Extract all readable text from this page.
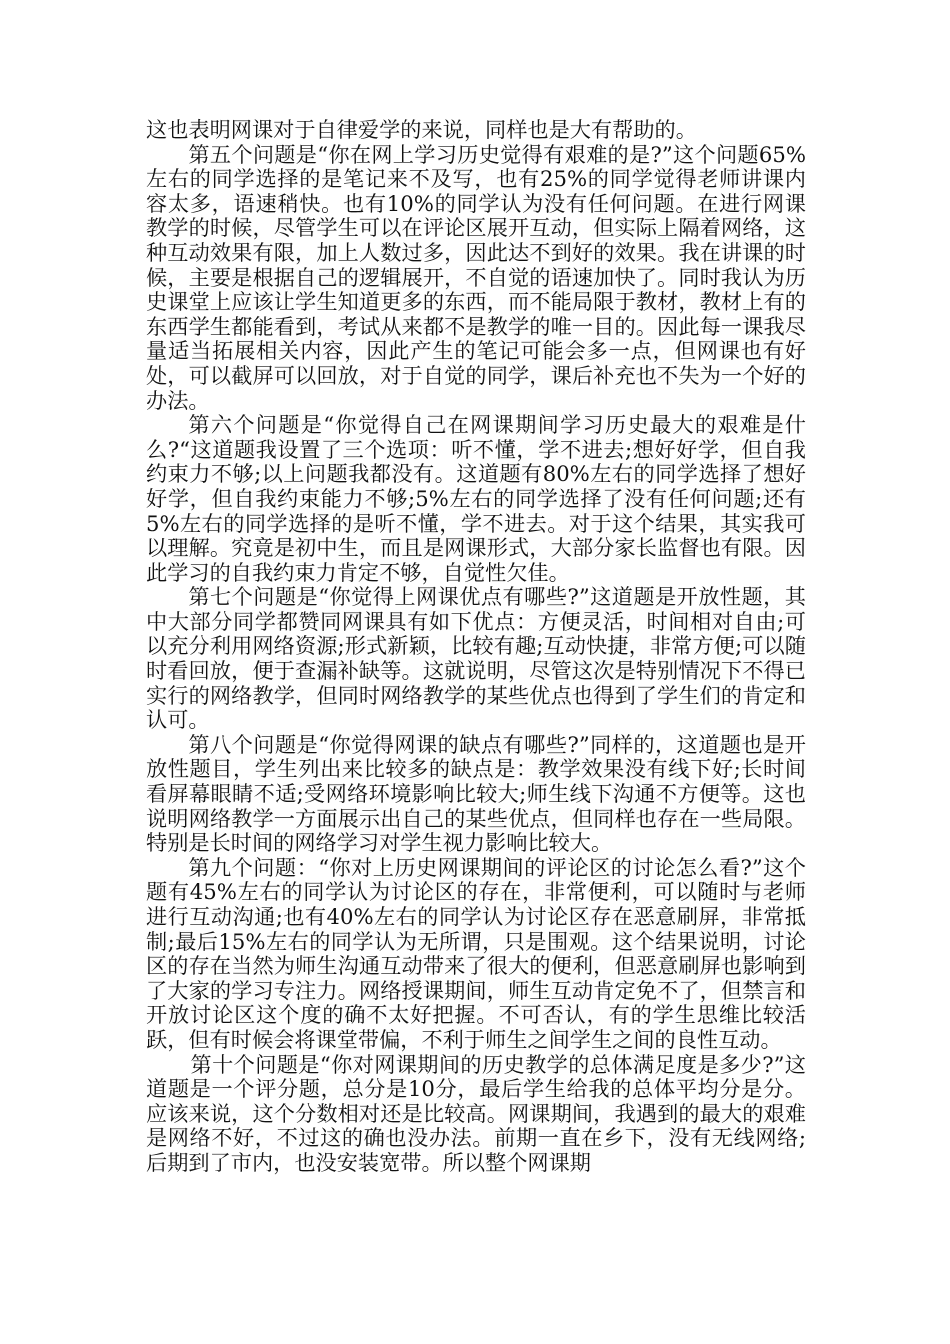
这也表明网课对于自律爱学的来说，同样也是大有帮助的。

第五个问题是“你在网上学习历史觉得有艰难的是?”这个问题65%左右的同学选择的是笔记来不及写，也有25%的同学觉得老师讲课内容太多，语速稍快。也有10%的同学认为没有任何问题。在进行网课教学的时候，尽管学生可以在评论区展开互动，但实际上隔着网络，这种互动效果有限，加上人数过多，因此达不到好的效果。我在讲课的时候，主要是根据自己的逻辑展开，不自觉的语速加快了。同时我认为历史课堂上应该让学生知道更多的东西，而不能局限于教材，教材上有的东西学生都能看到，考试从来都不是教学的唯一目的。因此每一课我尽量适当拓展相关内容，因此产生的笔记可能会多一点，但网课也有好处，可以截屏可以回放，对于自觉的同学，课后补充也不失为一个好的办法。

第六个问题是“你觉得自己在网课期间学习历史最大的艰难是什么?“这道题我设置了三个选项：听不懂，学不进去;想好好学，但自我约束力不够;以上问题我都没有。这道题有80%左右的同学选择了想好好学，但自我约束能力不够;5%左右的同学选择了没有任何问题;还有5%左右的同学选择的是听不懂，学不进去。对于这个结果，其实我可以理解。究竟是初中生，而且是网课形式，大部分家长监督也有限。因此学习的自我约束力肯定不够，自觉性欠佳。

第七个问题是“你觉得上网课优点有哪些?”这道题是开放性题，其中大部分同学都赞同网课具有如下优点：方便灵活，时间相对自由;可以充分利用网络资源;形式新颖，比较有趣;互动快捷，非常方便;可以随时看回放，便于查漏补缺等。这就说明，尽管这次是特别情况下不得已实行的网络教学，但同时网络教学的某些优点也得到了学生们的肯定和认可。

第八个问题是“你觉得网课的缺点有哪些?”同样的，这道题也是开放性题目，学生列出来比较多的缺点是：教学效果没有线下好;长时间看屏幕眼睛不适;受网络环境影响比较大;师生线下沟通不方便等。这也说明网络教学一方面展示出自己的某些优点，但同样也存在一些局限。特别是长时间的网络学习对学生视力影响比较大。

第九个问题：“你对上历史网课期间的评论区的讨论怎么看?”这个题有45%左右的同学认为讨论区的存在，非常便利，可以随时与老师进行互动沟通;也有40%左右的同学认为讨论区存在恶意刷屏，非常抵制;最后15%左右的同学认为无所谓，只是围观。这个结果说明，讨论区的存在当然为师生沟通互动带来了很大的便利，但恶意刷屏也影响到了大家的学习专注力。网络授课期间，师生互动肯定免不了，但禁言和开放讨论区这个度的确不太好把握。不可否认，有的学生思维比较活跃，但有时候会将课堂带偏，不利于师生之间学生之间的良性互动。

第十个问题是“你对网课期间的历史教学的总体满足度是多少?”这道题是一个评分题，总分是10分，最后学生给我的总体平均分是分。应该来说，这个分数相对还是比较高。网课期间，我遇到的最大的艰难是网络不好，不过这的确也没办法。前期一直在乡下，没有无线网络;后期到了市内，也没安装宽带。所以整个网课期
